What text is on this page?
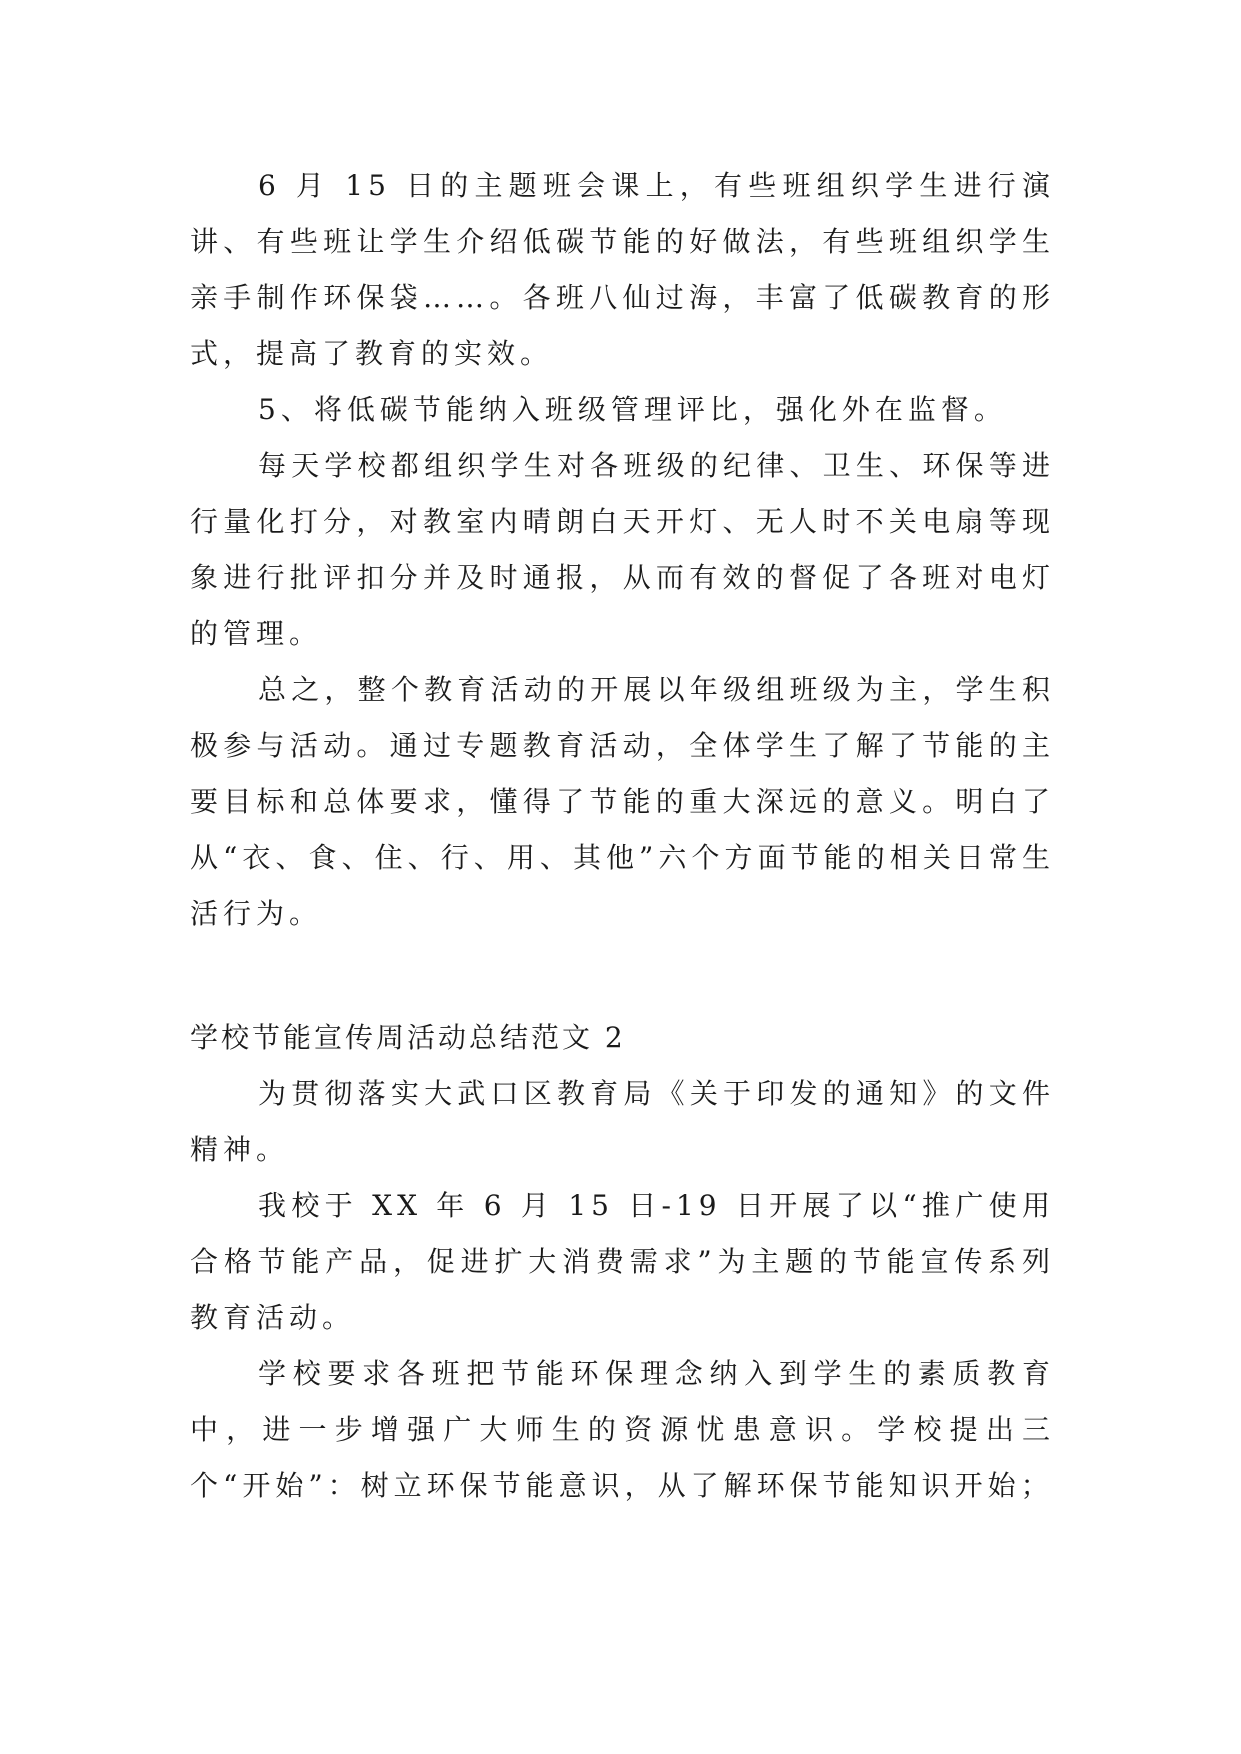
6 月 15 日的主题班会课上，有些班组织学生进行演讲、有些班让学生介绍低碳节能的好做法，有些班组织学生亲手制作环保袋……。各班八仙过海，丰富了低碳教育的形式，提高了教育的实效。

5、将低碳节能纳入班级管理评比，强化外在监督。

每天学校都组织学生对各班级的纪律、卫生、环保等进行量化打分，对教室内晴朗白天开灯、无人时不关电扇等现象进行批评扣分并及时通报，从而有效的督促了各班对电灯的管理。

总之，整个教育活动的开展以年级组班级为主，学生积极参与活动。通过专题教育活动，全体学生了解了节能的主要目标和总体要求，懂得了节能的重大深远的意义。明白了从“衣、食、住、行、用、其他”六个方面节能的相关日常生活行为。

学校节能宣传周活动总结范文 2

为贯彻落实大武口区教育局《关于印发的通知》的文件精神。

我校于 XX 年 6 月 15 日-19 日开展了以“推广使用合格节能产品，促进扩大消费需求”为主题的节能宣传系列教育活动。

学校要求各班把节能环保理念纳入到学生的素质教育中，进一步增强广大师生的资源忧患意识。学校提出三个“开始”：树立环保节能意识，从了解环保节能知识开始；
